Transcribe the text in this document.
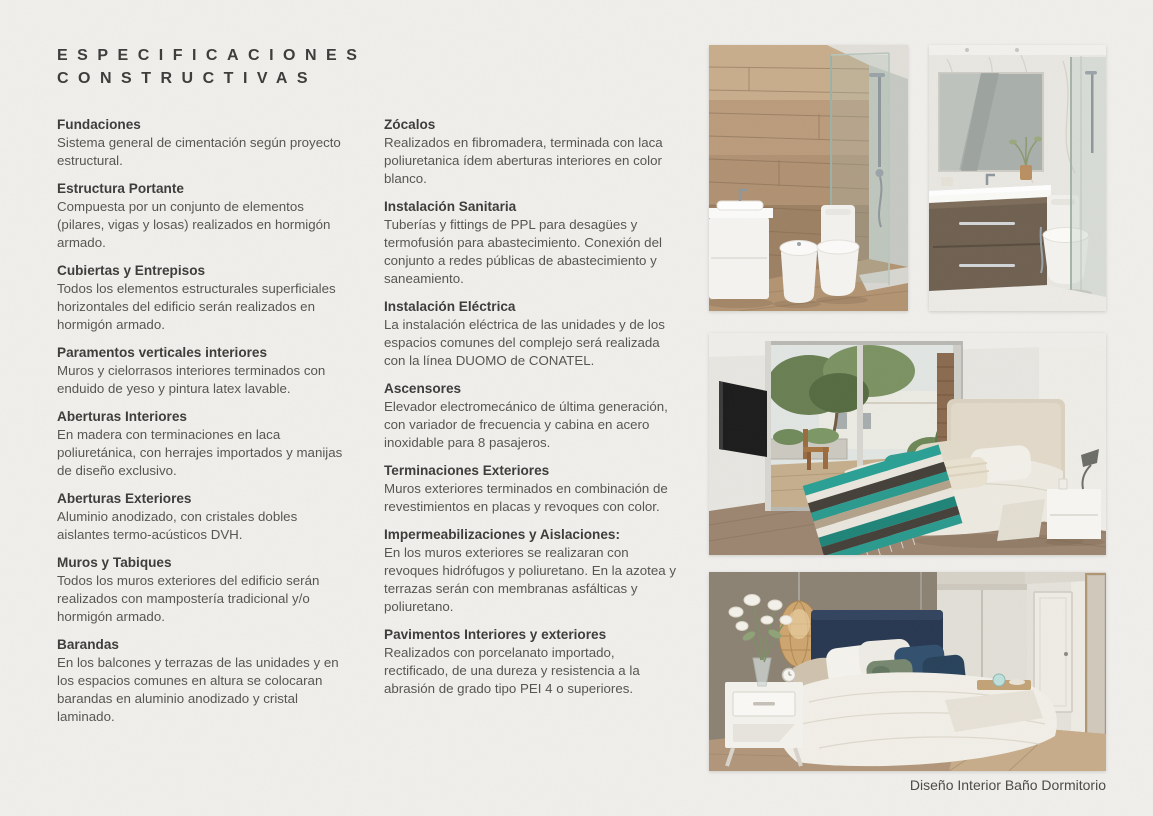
ESPECIFICACIONES
CONSTRUCTIVAS
Fundaciones

Sistema general de cimentación según proyecto estructural.

Estructura Portante

Compuesta por un conjunto de elementos (pilares, vigas y losas) realizados en hormigón armado.

Cubiertas y Entrepisos

Todos los elementos estructurales superficiales horizontales del edificio serán realizados en hormigón armado.

Paramentos verticales interiores

Muros y cielorrasos interiores terminados con enduido de yeso y pintura latex lavable.

Aberturas Interiores

En madera con terminaciones en laca poliuretánica, con herrajes importados y manijas de diseño exclusivo.

Aberturas Exteriores

Aluminio anodizado, con cristales dobles aislantes termo-acústicos DVH.

Muros y Tabiques

Todos los muros exteriores del edificio serán realizados con mampostería tradicional y/o hormigón armado.

Barandas

En los balcones y terrazas de las unidades y en los espacios comunes en altura se colocaran barandas en aluminio anodizado y cristal laminado.

Zócalos

Realizados en fibromadera, terminada con laca poliuretanica ídem aberturas interiores en color blanco.

Instalación Sanitaria

Tuberías y fittings de PPL para desagües y termofusión para abastecimiento. Conexión del conjunto a redes públicas de abastecimiento y saneamiento.

Instalación Eléctrica

La instalación eléctrica de las unidades y de los espacios comunes del complejo será realizada con la línea DUOMO de CONATEL.

Ascensores

Elevador electromecánico de última generación, con variador de frecuencia y cabina en acero inoxidable para 8 pasajeros.

Terminaciones Exteriores

Muros exteriores terminados en combinación de revestimientos en placas y revoques con color.

Impermeabilizaciones y Aislaciones:

En los muros exteriores se realizaran con revoques hidrófugos y poliuretano. En la azotea y terrazas serán con membranas asfálticas y poliuretano.

Pavimentos Interiores y exteriores

Realizados con porcelanato importado, rectificado, de una dureza y resistencia a la abrasión de grado tipo PEI 4 o superiores.

Diseño Interior Baño Dormitorio
